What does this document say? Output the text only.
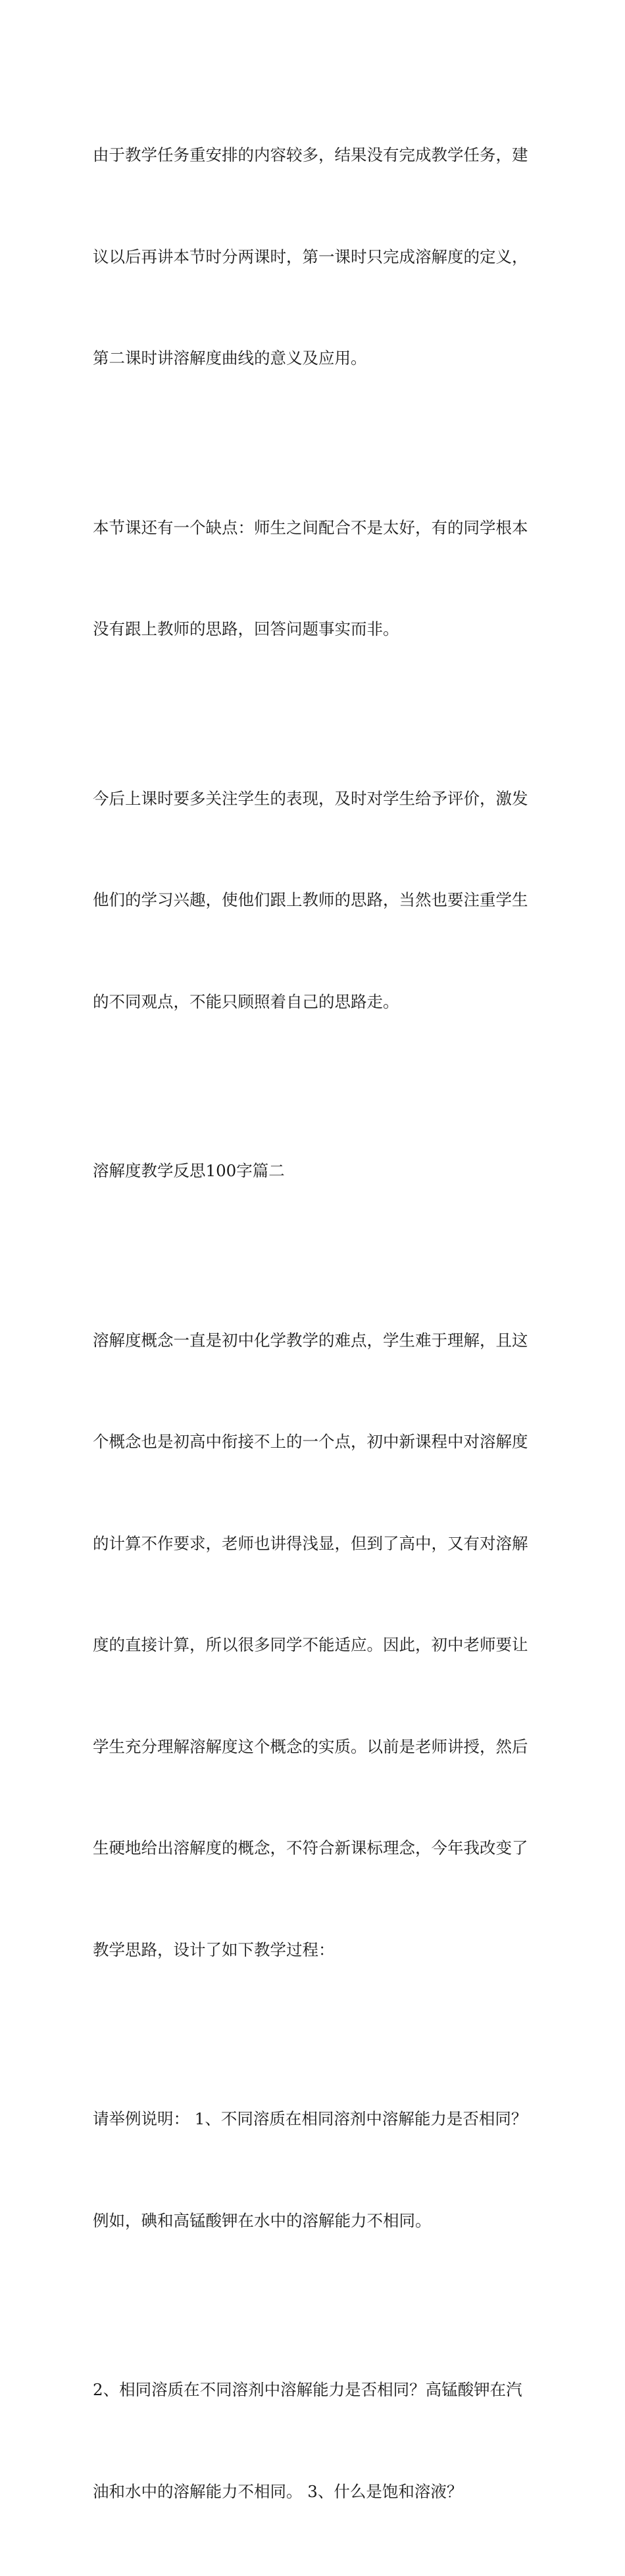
由于教学任务重安排的内容较多，结果没有完成教学任务，建

议以后再讲本节时分两课时，第一课时只完成溶解度的定义，

第二课时讲溶解度曲线的意义及应用。

本节课还有一个缺点：师生之间配合不是太好，有的同学根本

没有跟上教师的思路，回答问题事实而非。

今后上课时要多关注学生的表现，及时对学生给予评价，激发

他们的学习兴趣，使他们跟上教师的思路，当然也要注重学生

的不同观点，不能只顾照着自己的思路走。

溶解度教学反思100字篇二

溶解度概念一直是初中化学教学的难点，学生难于理解，且这

个概念也是初高中衔接不上的一个点，初中新课程中对溶解度

的计算不作要求，老师也讲得浅显，但到了高中，又有对溶解

度的直接计算，所以很多同学不能适应。因此，初中老师要让

学生充分理解溶解度这个概念的实质。以前是老师讲授，然后

生硬地给出溶解度的概念，不符合新课标理念，今年我改变了

教学思路，设计了如下教学过程：

请举例说明： 1、不同溶质在相同溶剂中溶解能力是否相同？

例如，碘和高锰酸钾在水中的溶解能力不相同。

2、相同溶质在不同溶剂中溶解能力是否相同？高锰酸钾在汽

油和水中的溶解能力不相同。 3、什么是饱和溶液？
